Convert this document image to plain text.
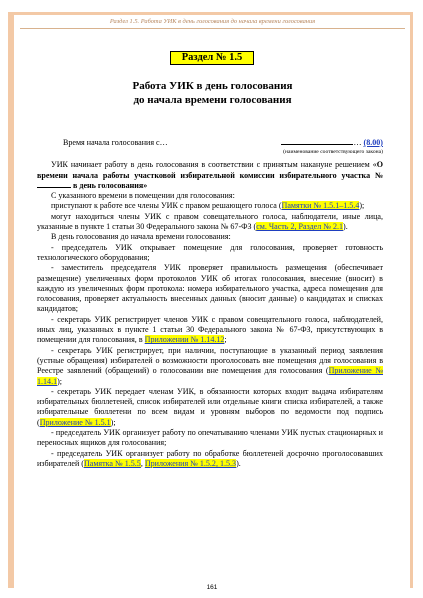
Раздел 1.5. Работа УИК в день голосования до начала времени голосования
Раздел № 1.5
Работа УИК в день голосования
до начала времени голосования
Время начала голосования с…	… (8.00)
(наименование соответствующего закона)

УИК начинает работу в день голосования в соответствии с принятым накануне решением «О времени начала работы участковой избирательной комиссии избирательного участка №  в день голосования»

С указанного времени в помещении для голосования:

приступают к работе все члены УИК с правом решающего голоса (Памятки № 1.5.1–1.5.4);

могут находиться члены УИК с правом совещательного голоса, наблюдатели, иные лица, указанные в пункте 1 статьи 30 Федерального закона № 67-ФЗ (см. Часть 2, Раздел № 2.1).

В день голосования до начала времени голосования:

- председатель УИК открывает помещение для голосования, проверяет готовность технологического оборудования;

- заместитель председателя УИК проверяет правильность размещения (обеспечивает размещение) увеличенных форм протоколов УИК об итогах голосования, внесение (вносит) в каждую из увеличенных форм протокола: номера избирательного участка, адреса помещения для голосования, проверяет актуальность внесенных данных (вносит данные) о кандидатах и списках кандидатов;

- секретарь УИК регистрирует членов УИК с правом совещательного голоса, наблюдателей, иных лиц, указанных в пункте 1 статьи 30 Федерального закона № 67-ФЗ, присутствующих в помещении для голосования, в Приложении № 1.14.12;

- секретарь УИК регистрирует, при наличии, поступающие в указанный период заявления (устные обращения) избирателей о возможности проголосовать вне помещения для голосования в Реестре заявлений (обращений) о голосовании вне помещения для голосования (Приложение № 1.14.1);

- секретарь УИК передает членам УИК, в обязанности которых входит выдача избирателям избирательных бюллетеней, список избирателей или отдельные книги списка избирателей, а также избирательные бюллетени по всем видам и уровням выборов по ведомости под подпись (Приложение № 1.5.1);

- председатель УИК организует работу по опечатыванию членами УИК пустых стационарных и переносных ящиков для голосования;

- председатель УИК организует работу по обработке бюллетеней досрочно проголосовавших избирателей (Памятка № 1.5.5, Приложения № 1.5.2, 1.5.3).

161
